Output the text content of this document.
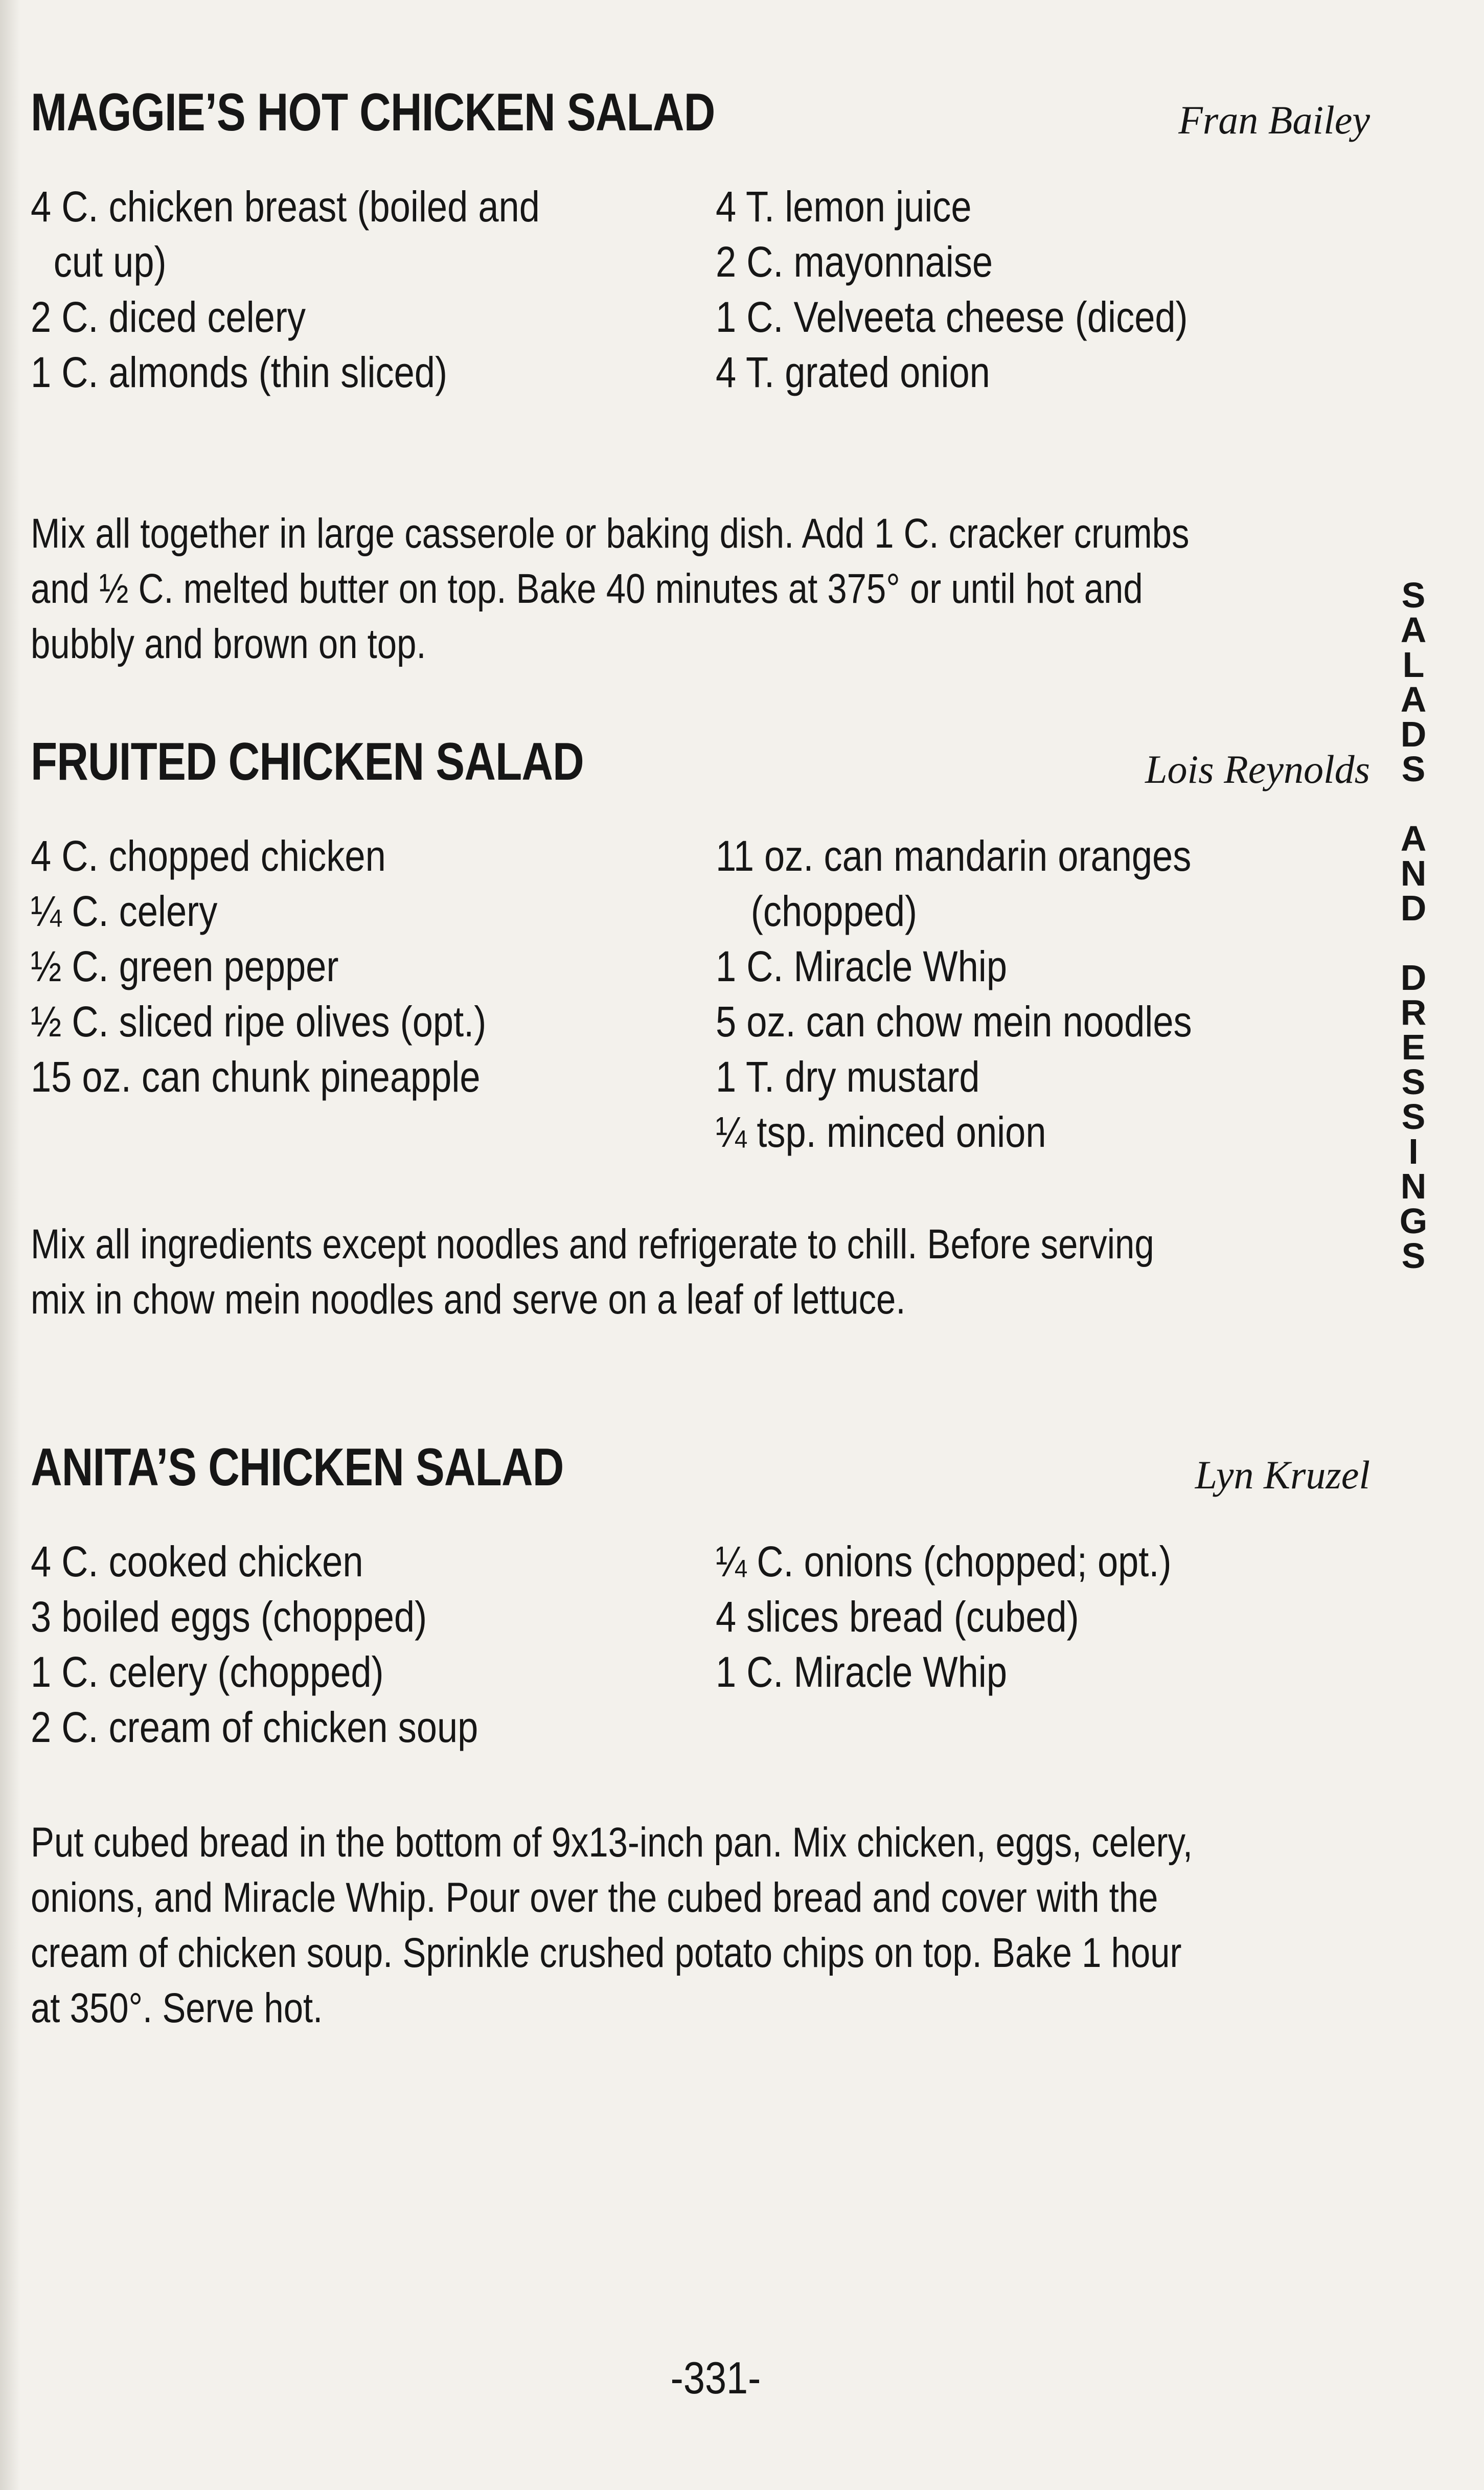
MAGGIE’S HOT CHICKEN SALAD	Fran Bailey
4 C. chicken breast (boiled and
cut up)
2 C. diced celery
1 C. almonds (thin sliced)
4 T. lemon juice
2 C. mayonnaise
1 C. Velveeta cheese (diced)
4 T. grated onion

Mix all together in large casserole or baking dish. Add 1 C. cracker crumbs

and ½ C. melted butter on top. Bake 40 minutes at 375° or until hot and

bubbly and brown on top.

FRUITED CHICKEN SALAD	Lois Reynolds
4 C. chopped chicken
¼ C. celery
½ C. green pepper
½ C. sliced ripe olives (opt.)
15 oz. can chunk pineapple
11 oz. can mandarin oranges
(chopped)
1 C. Miracle Whip
5 oz. can chow mein noodles
1 T. dry mustard
¼ tsp. minced onion

Mix all ingredients except noodles and refrigerate to chill. Before serving

mix in chow mein noodles and serve on a leaf of lettuce.

ANITA’S CHICKEN SALAD	Lyn Kruzel
4 C. cooked chicken
3 boiled eggs (chopped)
1 C. celery (chopped)
2 C. cream of chicken soup
¼ C. onions (chopped; opt.)
4 slices bread (cubed)
1 C. Miracle Whip

Put cubed bread in the bottom of 9x13-inch pan. Mix chicken, eggs, celery,

onions, and Miracle Whip. Pour over the cubed bread and cover with the

cream of chicken soup. Sprinkle crushed potato chips on top. Bake 1 hour

at 350°. Serve hot.

S
A
L
A
D
S
A
N
D
D
R
E
S
S
I
N
G
S
-331-
